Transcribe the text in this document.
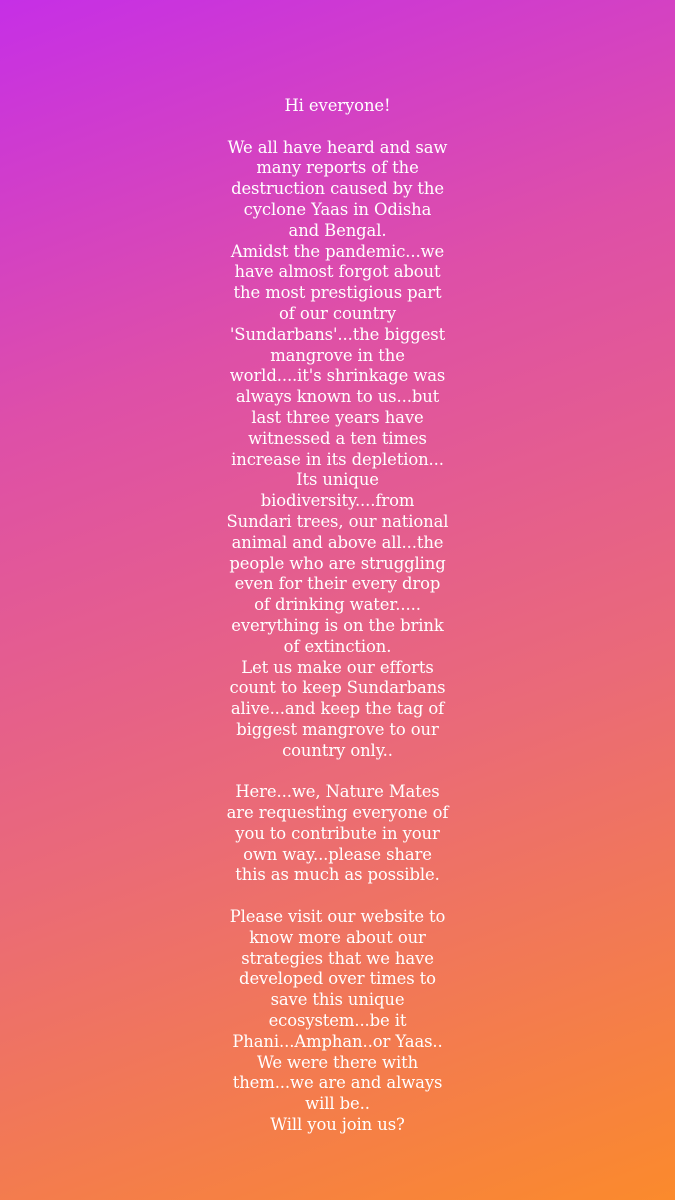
Hi everyone!

We all have heard and saw many reports of the destruction caused by the cyclone Yaas in Odisha and Bengal.
Amidst the pandemic...we have almost forgot about the most prestigious part of our country 'Sundarbans'...the biggest mangrove in the world....it's shrinkage was always known to us...but last three years have witnessed a ten times increase in its depletion...
Its unique biodiversity....from Sundari trees, our national animal and above all...the people who are struggling even for their every drop of drinking water..... everything is on the brink of extinction.
Let us make our efforts count to keep Sundarbans alive...and keep the tag of biggest mangrove to our country only..

Here...we, Nature Mates are requesting everyone of you to contribute in your own way...please share this as much as possible.

Please visit our website to know more about our strategies that we have developed over times to save this unique ecosystem...be it Phani...Amphan..or Yaas..
We were there with them...we are and always will be..
Will you join us?
